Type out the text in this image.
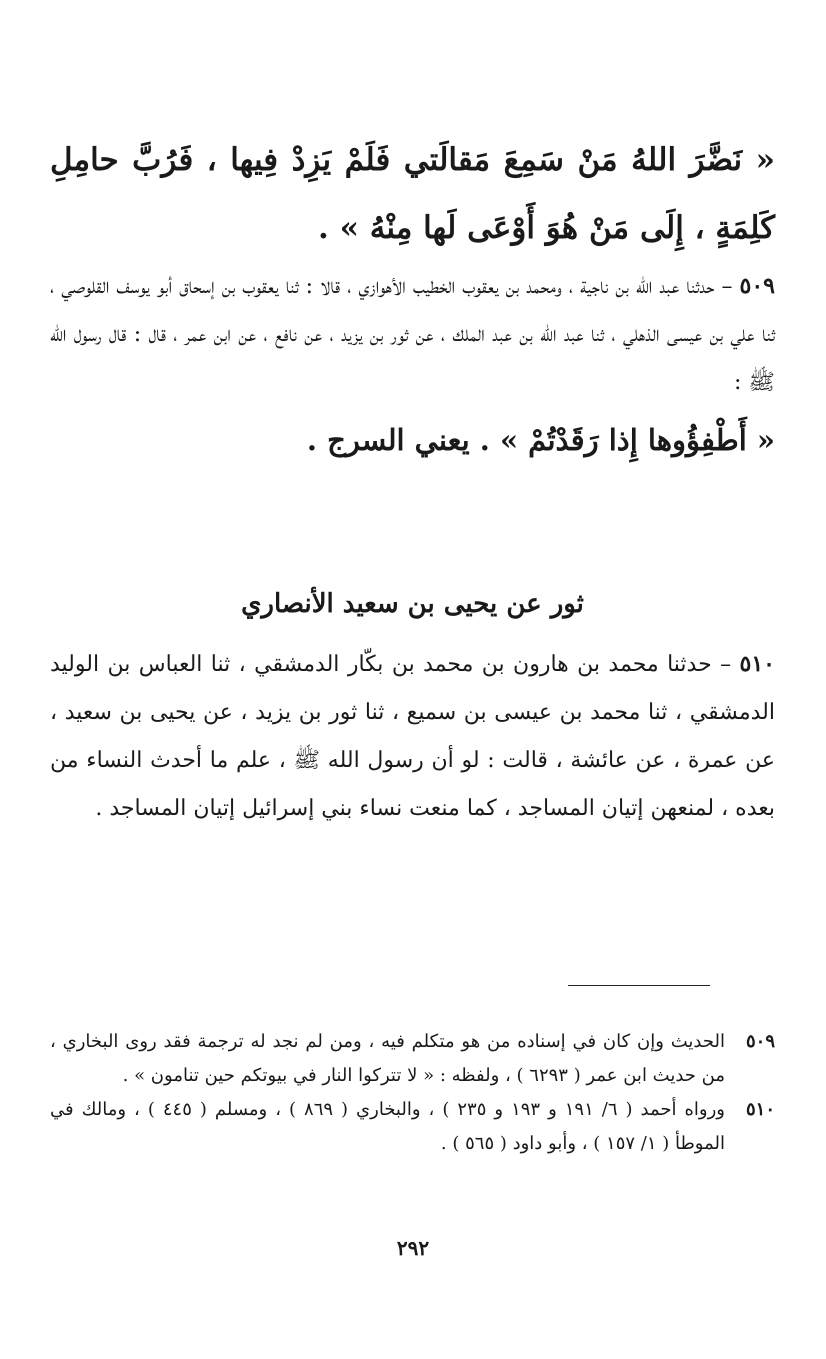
« نَضَّرَ اللهُ مَنْ سَمِعَ مَقالَتي فَلَمْ يَزِدْ فِيها ، فَرُبَّ حامِلِ كَلِمَةٍ ، إِلَى مَنْ هُوَ أَوْعَى لَها مِنْهُ » .
٥٠٩ – حدثنا عبد الله بن ناجية ، ومحمد بن يعقوب الخطيب الأهوازي ، قالا : ثنا يعقوب بن إسحاق أبو يوسف القلوصي ، ثنا علي بن عيسى الذهلي ، ثنا عبد الله بن عبد الملك ، عن ثور بن يزيد ، عن نافع ، عن ابن عمر ، قال : قال رسول الله ﷺ :
« أَطْفِؤُوها إِذا رَقَدْتُمْ » . يعني السرج .
ثور عن يحيى بن سعيد الأنصاري
٥١٠ – حدثنا محمد بن هارون بن محمد بن بكّار الدمشقي ، ثنا العباس بن الوليد الدمشقي ، ثنا محمد بن عيسى بن سميع ، ثنا ثور بن يزيد ، عن يحيى بن سعيد ، عن عمرة ، عن عائشة ، قالت : لو أن رسول الله ﷺ ، علم ما أحدث النساء من بعده ، لمنعهن إتيان المساجد ، كما منعت نساء بني إسرائيل إتيان المساجد .
٥٠٩
الحديث وإن كان في إسناده من هو متكلم فيه ، ومن لم نجد له ترجمة فقد روى البخاري ، من حديث ابن عمر ( ٦٢٩٣ ) ، ولفظه : « لا تتركوا النار في بيوتكم حين تنامون » .
٥١٠
ورواه أحمد ( ٦/ ١٩١ و ١٩٣ و ٢٣٥ ) ، والبخاري ( ٨٦٩ ) ، ومسلم ( ٤٤٥ ) ، ومالك في الموطأ ( ١/ ١٥٧ ) ، وأبو داود ( ٥٦٥ ) .
٢٩٢
